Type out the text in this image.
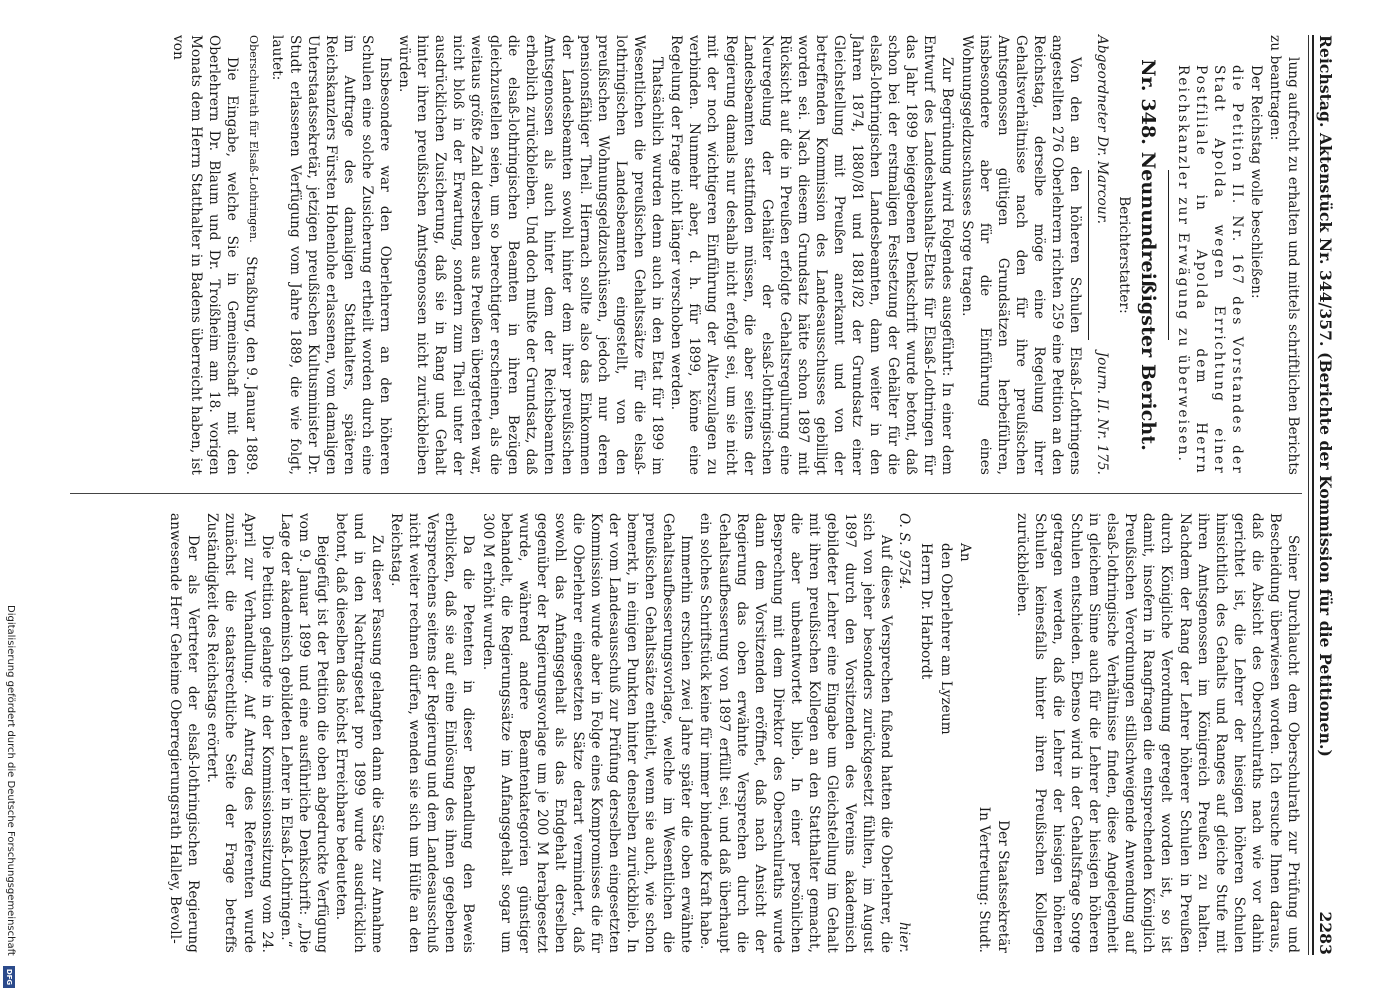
Reichstag. Aktenstück Nr. 344/357. (Berichte der Kommission für die Petitionen.)
2283

lung aufrecht zu erhalten und mittels schriftlichen Berichts zu beantragen:

Der Reichstag wolle beschließen:

die Petition II. Nr. 167 des Vorstandes der Stadt Apolda wegen Errichtung einer Postfiliale in Apolda dem Herrn Reichskanzler zur Erwägung zu überweisen.

Nr. 348. Neunundreißigster Bericht.

Berichterstatter:

Abgeordneter Dr. Marcour.
Journ. II. Nr. 175.

Von den an den höheren Schulen Elsaß-Lothringens angestellten 276 Oberlehrern richten 259 eine Petition an den Reichstag, derselbe möge eine Regelung ihrer Gehaltsverhältnisse nach den für ihre preußischen Amtsgenossen gültigen Grundsätzen herbeiführen, insbesondere aber für die Einführung eines Wohnungsgeldzuschusses Sorge tragen.

Zur Begründung wird Folgendes ausgeführt: In einer dem Entwurf des Landeshaushalts-Etats für Elsaß-Lothringen für das Jahr 1899 beigegebenen Denkschrift wurde betont, daß schon bei der erstmaligen Festsetzung der Gehälter für die elsaß-lothringischen Landesbeamten, dann weiter in den Jahren 1874, 1880/81 und 1881/82 der Grundsatz einer Gleichstellung mit Preußen anerkannt und von der betreffenden Kommission des Landesausschusses gebilligt worden sei. Nach diesem Grundsatz hätte schon 1897 mit Rücksicht auf die in Preußen erfolgte Gehaltsregulirung eine Neuregelung der Gehälter der elsaß-lothringischen Landesbeamten stattfinden müssen, die aber seitens der Regierung damals nur deshalb nicht erfolgt sei, um sie nicht mit der noch wichtigeren Einführung der Alterszulagen zu verbinden. Nunmehr aber, d. h. für 1899, könne eine Regelung der Frage nicht länger verschoben werden.

Thatsächlich wurden denn auch in den Etat für 1899 im Wesentlichen die preußischen Gehaltssätze für die elsaß-lothringischen Landesbeamten eingestellt, von den preußischen Wohnungsgeldzuschüssen, jedoch nur deren pensionsfähiger Theil. Hiernach sollte also das Einkommen der Landesbeamten sowohl hinter dem ihrer preußischen Amtsgenossen als auch hinter dem der Reichsbeamten erheblich zurückbleiben. Und doch mußte der Grundsatz, daß die elsaß-lothringischen Beamten in ihren Bezügen gleichzustellen seien, um so berechtigter erscheinen, als die weitaus größte Zahl derselben aus Preußen übergetreten war, nicht bloß in der Erwartung, sondern zum Theil unter der ausdrücklichen Zusicherung, daß sie in Rang und Gehalt hinter ihren preußischen Amtsgenossen nicht zurückbleiben würden.

Insbesondere war den Oberlehrern an den höheren Schulen eine solche Zusicherung ertheilt worden durch eine im Auftrage des damaligen Statthalters, späteren Reichskanzlers Fürsten Hohenlohe erlassenen, vom damaligen Unterstaatssekretär, jetzigen preußischen Kultusminister Dr. Studt erlassenen Verfügung vom Jahre 1889, die wie folgt, lautet:

Oberschulrath für Elsaß-Lothringen.
Straßburg, den 9. Januar 1889.

Die Eingabe, welche Sie in Gemeinschaft mit den Oberlehrern Dr. Blaum und Dr. Troißheim am 18. vorigen Monats dem Herrn Statthalter in Badens überreicht haben, ist von

Seiner Durchlaucht dem Oberschulrath zur Prüfung und Bescheidung überwiesen worden. Ich ersuche Ihnen daraus, daß die Absicht des Oberschulraths nach wie vor dahin gerichtet ist, die Lehrer der hiesigen höheren Schulen hinsichtlich des Gehalts und Ranges auf gleiche Stufe mit ihren Amtsgenossen im Königreich Preußen zu halten. Nachdem der Rang der Lehrer höherer Schulen in Preußen durch Königliche Verordnung geregelt worden ist, so ist damit, insofern in Rangfragen die entsprechenden Königlich Preußischen Verordnungen stillschweigende Anwendung auf elsaß-lothringische Verhältnisse finden, diese Angelegenheit in gleichem Sinne auch für die Lehrer der hiesigen höheren Schulen entschieden. Ebenso wird in der Gehaltsfrage Sorge getragen werden, daß die Lehrer der hiesigen höheren Schulen keinesfalls hinter ihren Preußischen Kollegen zurückbleiben.

Der Staatssekretär

In Vertretung: Studt.

An

den Oberlehrer am Lyzeum

Herrn Dr. Harbordt

O. S. 9754.
hier.

Auf dieses Versprechen fußend hatten die Oberlehrer, die sich von jeher besonders zurückgesetzt fühlten, im August 1897 durch den Vorsitzenden des Vereins akademisch gebildeter Lehrer eine Eingabe um Gleichstellung im Gehalt mit ihren preußischen Kollegen an den Statthalter gemacht, die aber unbeantwortet blieb. In einer persönlichen Besprechung mit dem Direktor des Oberschulraths wurde dann dem Vorsitzenden eröffnet, daß nach Ansicht der Regierung das oben erwähnte Versprechen durch die Gehaltsaufbesserung von 1897 erfüllt sei, und daß überhaupt ein solches Schriftstück keine für immer bindende Kraft habe.

Immerhin erschien zwei Jahre später die oben erwähnte Gehaltsaufbesserungsvorlage, welche im Wesentlichen die preußischen Gehaltssätze enthielt, wenn sie auch, wie schon bemerkt, in einigen Punkten hinter denselben zurückblieb. In der vom Landesausschuß zur Prüfung derselben eingesetzten Kommission wurde aber in Folge eines Kompromisses die für die Oberlehrer eingesetzten Sätze derart vermindert, daß sowohl das Anfangsgehalt als das Endgehalt derselben gegenüber der Regierungsvorlage um je 200 M herabgesetzt wurde, während andere Beamtenkategorien günstiger behandelt, die Regierungssätze im Anfangsgehalt sogar um 300 M erhöht wurden.

Da die Petenten in dieser Behandlung den Beweis erblicken, daß sie auf eine Einlösung des ihnen gegebenen Versprechens seitens der Regierung und dem Landesausschuß nicht weiter rechnen dürfen, wenden sie sich um Hülfe an den Reichstag.

Zu dieser Fassung gelangten dann die Sätze zur Annahme und in den Nachtragsetat pro 1899 wurde ausdrücklich betont, daß dieselben das höchst Erreichbare bedeuteten.

Beigefügt ist der Petition die oben abgedruckte Verfügung vom 9. Januar 1899 und eine ausführliche Denkschrift: „Die Lage der akademisch gebildeten Lehrer in Elsaß-Lothringen.“

Die Petition gelangte in der Kommissionssitzung vom 24. April zur Verhandlung. Auf Antrag des Referenten wurde zunächst die staatsrechtliche Seite der Frage betreffs Zuständigkeit des Reichstags erörtert.

Der als Vertreter der elsaß-lothringischen Regierung anwesende Herr Geheime Oberregierungsrath Halley, Bevoll-

Digitalisierung gefördert durch die Deutsche Forschungsgemeinschaft
DFG
